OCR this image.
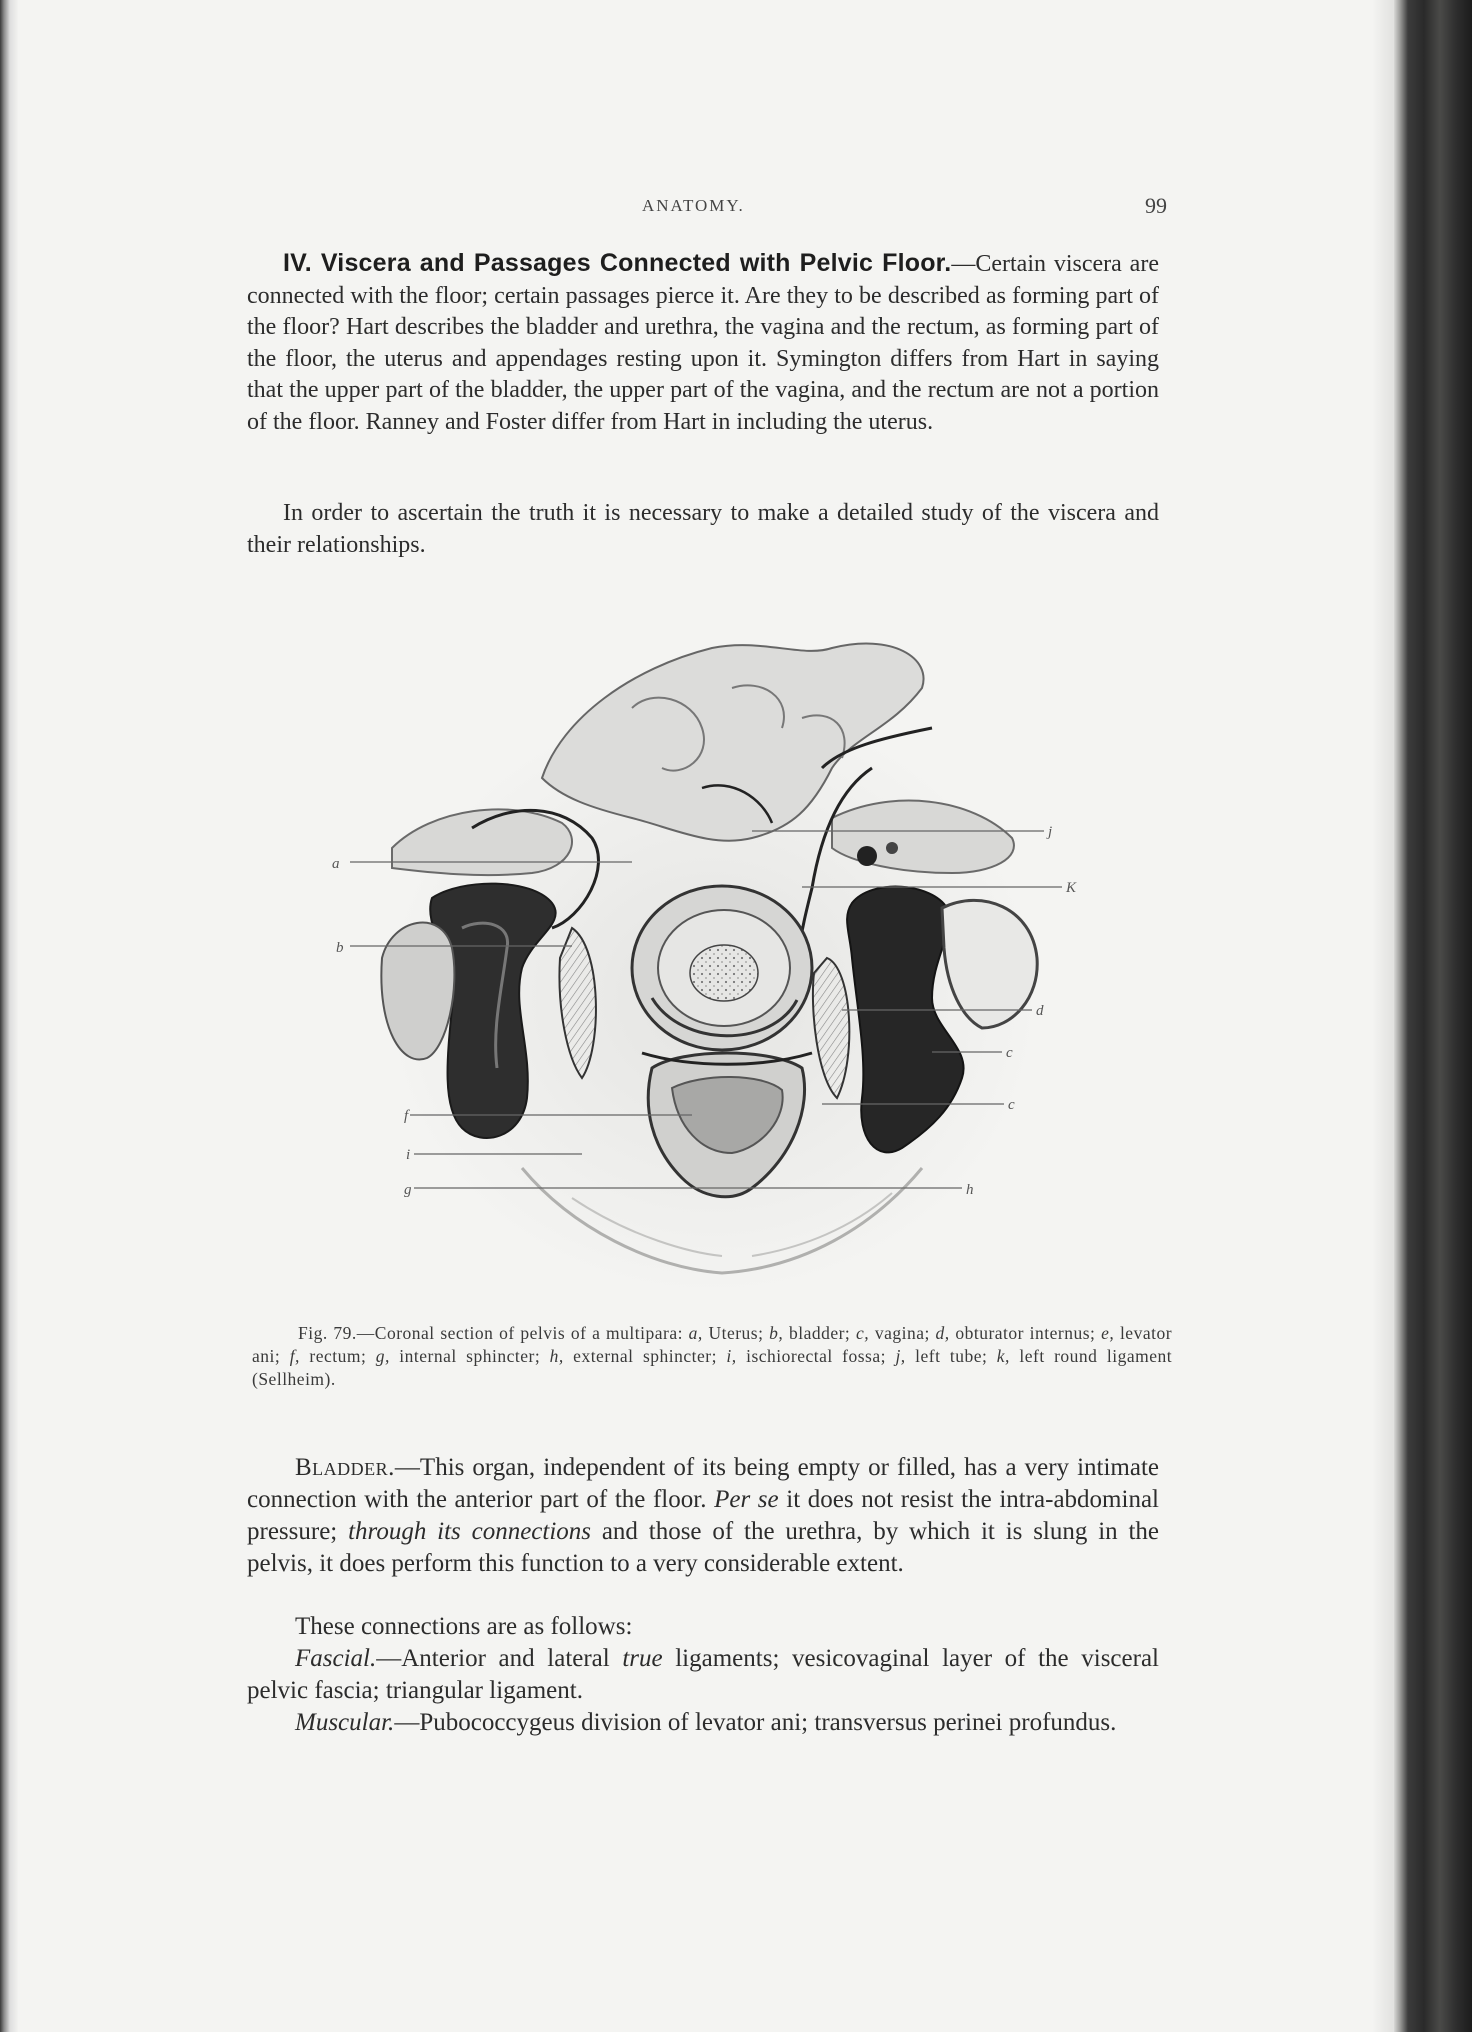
ANATOMY.	99
IV. Viscera and Passages Connected with Pelvic Floor.—Certain viscera are connected with the floor; certain passages pierce it. Are they to be described as forming part of the floor? Hart describes the bladder and urethra, the vagina and the rectum, as forming part of the floor, the uterus and appendages resting upon it. Symington differs from Hart in saying that the upper part of the bladder, the upper part of the vagina, and the rectum are not a portion of the floor. Ranney and Foster differ from Hart in including the uterus.
In order to ascertain the truth it is necessary to make a detailed study of the viscera and their relationships.
a
b
f
i
g
j
K
d
c
c
h
Fig. 79.—Coronal section of pelvis of a multipara: a, Uterus; b, bladder; c, vagina; d, obturator internus; e, levator ani; f, rectum; g, internal sphincter; h, external sphincter; i, ischiorectal fossa; j, left tube; k, left round ligament (Sellheim).
Bladder.—This organ, independent of its being empty or filled, has a very intimate connection with the anterior part of the floor. Per se it does not resist the intra-abdominal pressure; through its connections and those of the urethra, by which it is slung in the pelvis, it does perform this function to a very considerable extent.
These connections are as follows:
Fascial.—Anterior and lateral true ligaments; vesicovaginal layer of the visceral pelvic fascia; triangular ligament.
Muscular.—Pubococcygeus division of levator ani; transversus perinei profundus.
